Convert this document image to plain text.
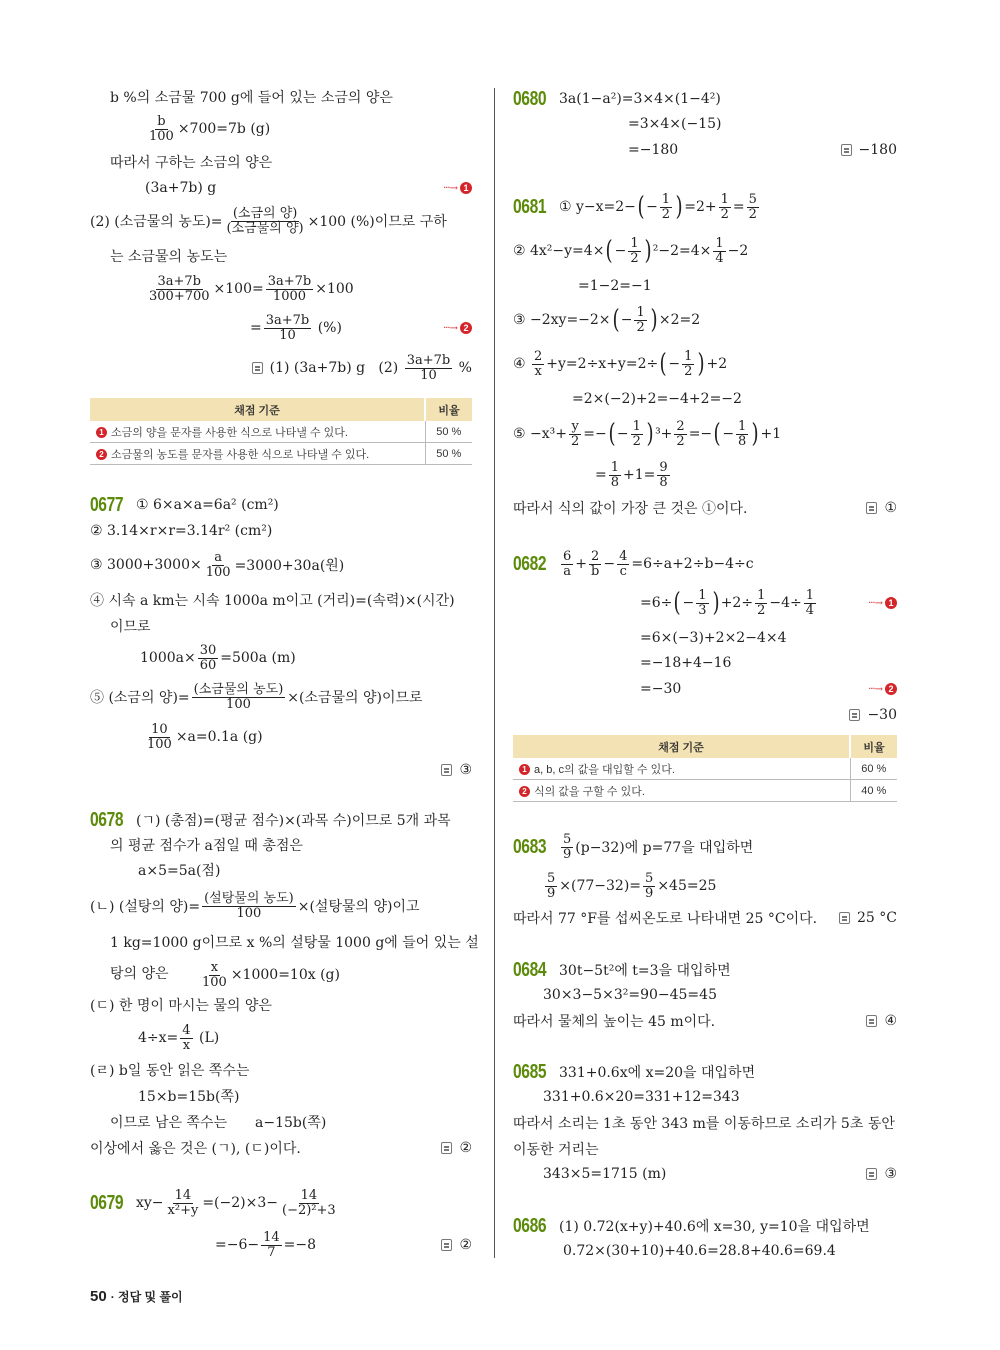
b %의 소금물 700 g에 들어 있는 소금의 양은
$\frac{b}{100} \times 700=7b$ (g)
따라서 구하는 소금의 양은
(3a+7b) g	···→ 1
(2) (소금물의 농도)= $\frac{\text{(소금의 양)}}{\text{(소금물의 양)}} \times 100$ (%)이므로 구하
는 소금물의 농도는
$\frac{3a+7b}{300+700} \times 100= \frac{3a+7b}{1000} \times 100$
= $\frac{3a+7b}{10}$ (%)	···→ 2
(1) (3a+7b) g   $(2) \frac{3a+7b}{10}$ %
채점 기준	비율
1 소금의 양을 문자를 사용한 식으로 나타낼 수 있다.	50 %
2 소금물의 농도를 문자를 사용한 식으로 나타낼 수 있다.	50 %
0677 ① 6×a×a=6a² (cm²)
② 3.14×r×r=3.14r² (cm²)
③ $3000+3000\times \frac{a}{100} =3000+30a$(원)
④ 시속 a km는 시속 1000a m이고 (거리)=(속력)×(시간)
이므로
$1000a\times \frac{30}{60} =500a$ (m)
⑤ (소금의 양)= $\frac{\text{(소금물의 농도)}}{100}$ ×(소금물의 양)이므로
$\frac{10}{100} \times a=0.1a$ (g)
③
0678 (ㄱ) (총점)=(평균 점수)×(과목 수)이므로 5개 과목
의 평균 점수가 a점일 때 총점은
a×5=5a(점)
(ㄴ) (설탕의 양)= $\frac{\text{(설탕물의 농도)}}{100}$ ×(설탕물의 양)이고
1 kg=1000 g이므로 x %의 설탕물 1000 g에 들어 있는 설
탕의 양은 $\frac{x}{100} \times 1000=10x$ (g)
(ㄷ) 한 명이 마시는 물의 양은
$4\div x= \frac{4}{x} (L)$
(ㄹ) b일 동안 읽은 쪽수는
15×b=15b(쪽)
이므로 남은 쪽수는 a−15b(쪽)
이상에서 옳은 것은 (ㄱ), (ㄷ)이다.	②
0679 $xy- \frac{14}{\text{x²+y}} =(-2)\times 3- \frac{14}{\text{(−2)²+3}}$
$=-6- \frac{14}{7} =-8$	②
0680 3a(1−a²)=3×4×(1−4²)
=3×4×(−15)
=−180	−180
0681 ① y−x=2− ( − $\frac{1}{2}$ ) $=2+ \frac{1}{2} = \frac{5}{2}$
② 4x²−y=4× ( − $\frac{1}{2}$ ) $^2-2=4\times \frac{1}{4} -2$
=1−2=−1
③ −2xy=−2× ( − $\frac{1}{2}$ ) ×2=2
④ $\frac{2}{x} +y=2\div x+y=2\div$ ( − $\frac{1}{2}$ ) +2
=2×(−2)+2=−4+2=−2
⑤ $-x^3+ \frac{y}{2}$ =− ( − $\frac{1}{2}$ ) $^3+ \frac{2}{2}$ =− ( − $\frac{1}{8}$ ) +1
= $\frac{1}{8} +1= \frac{9}{8}$
따라서 식의 값이 가장 큰 것은 ①이다.	①
$0682 \frac{6}{a} + \frac{2}{b} - \frac{4}{c} =6\div a+2\div b-4\div c$
=6÷ ( − $\frac{1}{3}$ ) $+2\div \frac{1}{2} -4\div \frac{1}{4}$	···→ 1
=6×(−3)+2×2−4×4
=−18+4−16
=−30	···→ 2
−30
채점 기준	비율
1 a, b, c의 값을 대입할 수 있다.	60 %
2 식의 값을 구할 수 있다.	40 %
$0683 \frac{5}{9} (p-32)$에 p=77을 대입하면
$\frac{5}{9} \times(77-32)= \frac{5}{9} \times 45=25$
따라서 77 °F를 섭씨온도로 나타내면 25 °C이다.	25 °C
0684 30t−5t²에 t=3을 대입하면
30×3−5×3²=90−45=45
따라서 물체의 높이는 45 m이다.	④
0685 331+0.6x에 x=20을 대입하면
331+0.6×20=331+12=343
따라서 소리는 1초 동안 343 m를 이동하므로 소리가 5초 동안
이동한 거리는
343×5=1715 (m)	③
0686 (1) 0.72(x+y)+40.6에 x=30, y=10을 대입하면
0.72×(30+10)+40.6=28.8+40.6=69.4
50 · 정답 및 풀이
